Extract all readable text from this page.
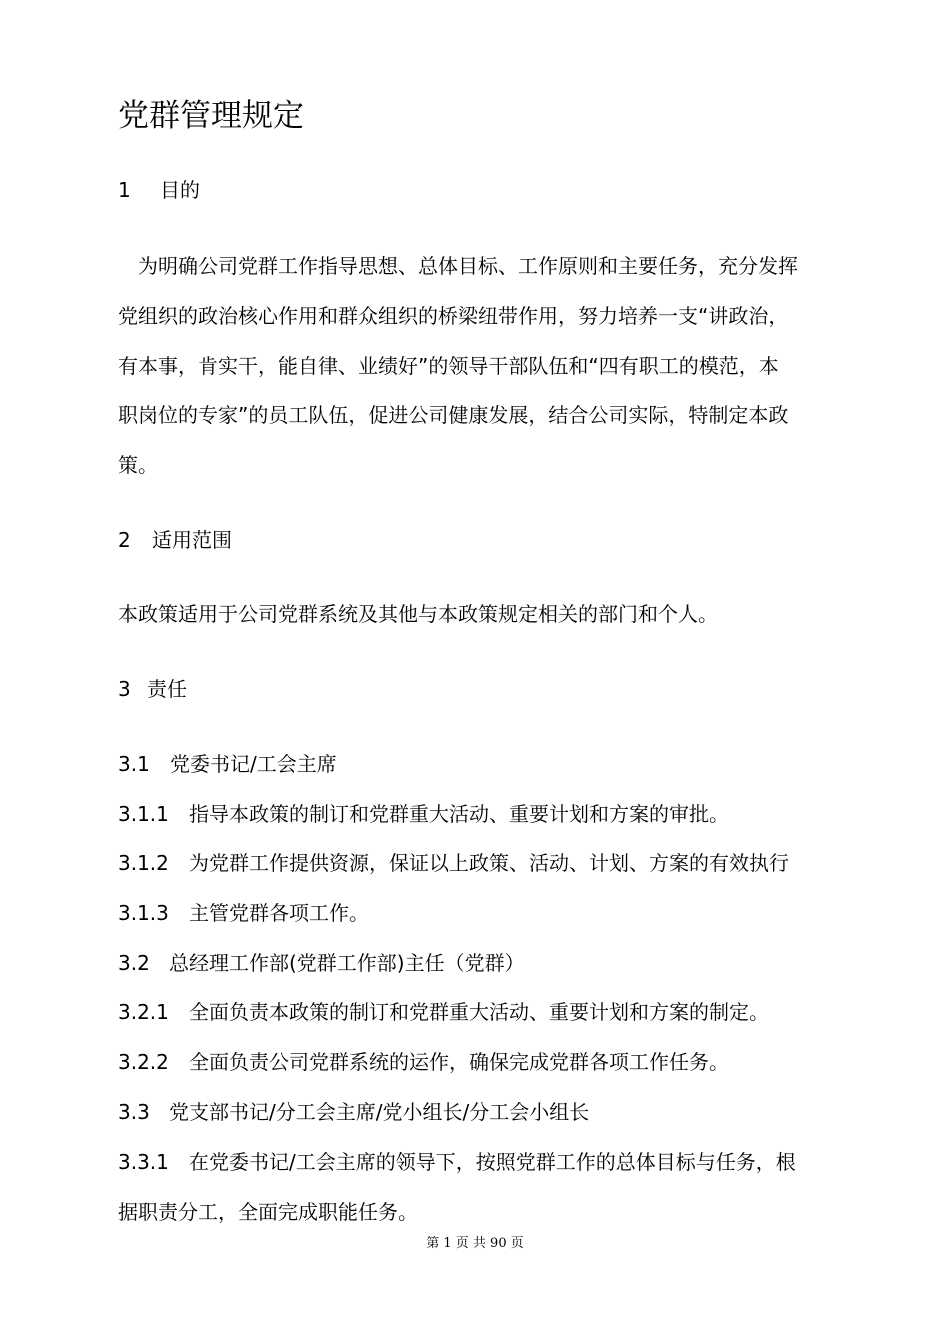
党群管理规定
1 目的
为明确公司党群工作指导思想、总体目标、工作原则和主要任务，充分发挥
党组织的政治核心作用和群众组织的桥梁纽带作用，努力培养一支“讲政治，
有本事，肯实干，能自律、业绩好”的领导干部队伍和“四有职工的模范，本
职岗位的专家”的员工队伍，促进公司健康发展，结合公司实际，特制定本政
策。
2 适用范围
本政策适用于公司党群系统及其他与本政策规定相关的部门和个人。
3 责任
3.1 党委书记/工会主席
3.1.1 指导本政策的制订和党群重大活动、重要计划和方案的审批。
3.1.2 为党群工作提供资源，保证以上政策、活动、计划、方案的有效执行
3.1.3 主管党群各项工作。
3.2 总经理工作部(党群工作部)主任（党群）
3.2.1 全面负责本政策的制订和党群重大活动、重要计划和方案的制定。
3.2.2 全面负责公司党群系统的运作，确保完成党群各项工作任务。
3.3 党支部书记/分工会主席/党小组长/分工会小组长
3.3.1 在党委书记/工会主席的领导下，按照党群工作的总体目标与任务，根
据职责分工，全面完成职能任务。
第 1 页 共 90 页
